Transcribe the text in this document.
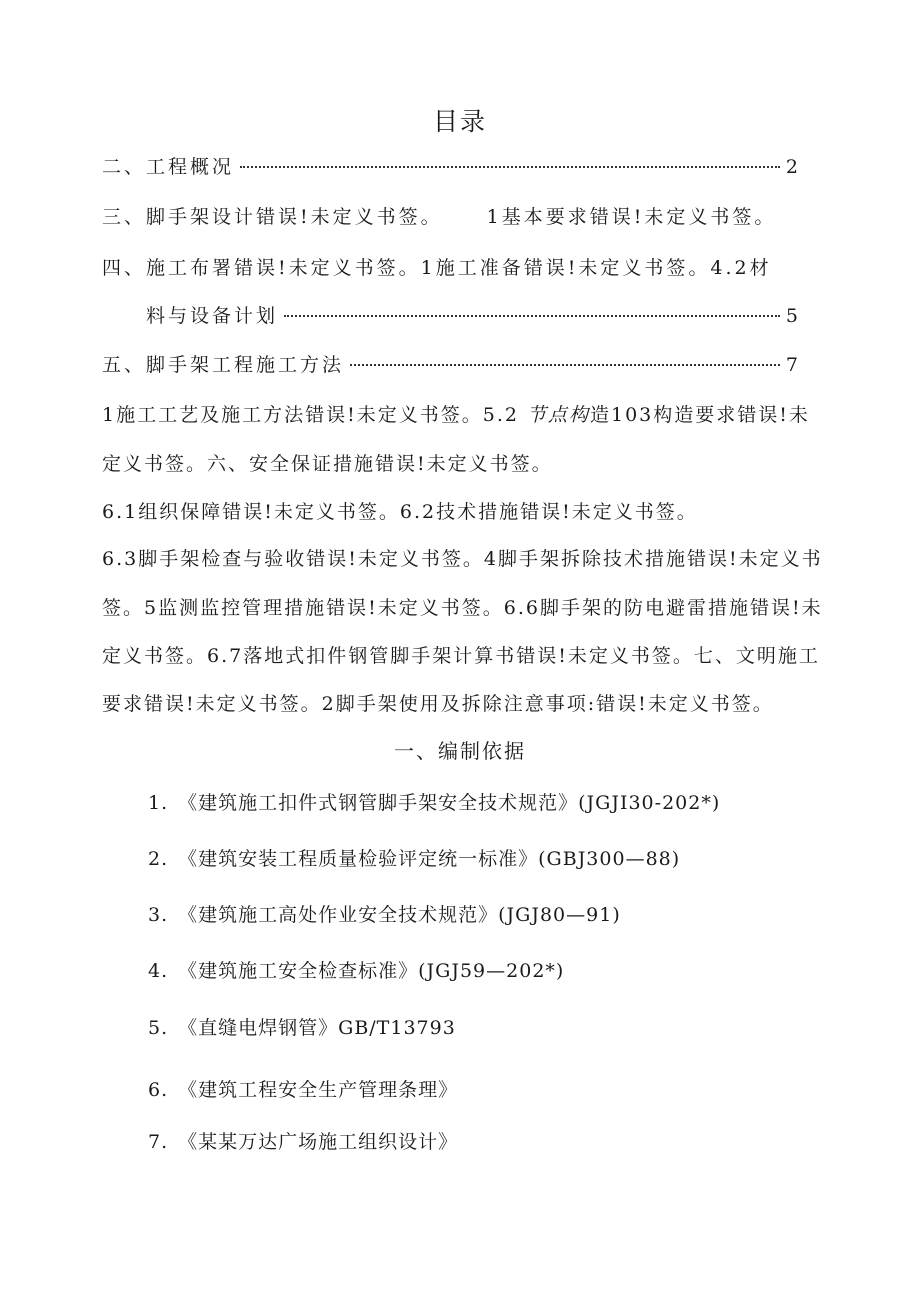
目录
二、工程概况	2
三、脚手架设计错误!未定义书签。 1基本要求错误!未定义书签。
四、施工布署错误!未定义书签。1施工准备错误!未定义书签。4.2材
料与设备计划	5
五、脚手架工程施工方法	7
1施工工艺及施工方法错误!未定义书签。5.2 节点构造103构造要求错误!未
定义书签。六、安全保证措施错误!未定义书签。
6.1组织保障错误!未定义书签。6.2技术措施错误!未定义书签。
6.3脚手架检查与验收错误!未定义书签。4脚手架拆除技术措施错误!未定义书
签。5监测监控管理措施错误!未定义书签。6.6脚手架的防电避雷措施错误!未
定义书签。6.7落地式扣件钢管脚手架计算书错误!未定义书签。七、文明施工
要求错误!未定义书签。2脚手架使用及拆除注意事项:错误!未定义书签。
一、编制依据
1. 《建筑施工扣件式钢管脚手架安全技术规范》(JGJI30-202*)
2. 《建筑安装工程质量检验评定统一标准》(GBJ300—88)
3. 《建筑施工高处作业安全技术规范》(JGJ80—91)
4. 《建筑施工安全检查标准》(JGJ59—202*)
5. 《直缝电焊钢管》GB/T13793
6. 《建筑工程安全生产管理条理》
7. 《某某万达广场施工组织设计》
